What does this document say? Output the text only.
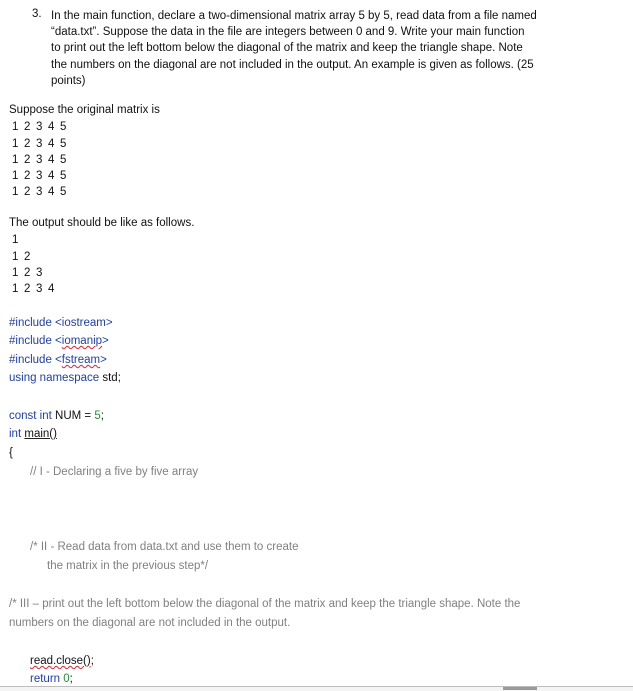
3. In the main function, declare a two-dimensional matrix array 5 by 5, read data from a file named
“data.txt”. Suppose the data in the file are integers between 0 and 9. Write your main function
to print out the left bottom below the diagonal of the matrix and keep the triangle shape. Note
the numbers on the diagonal are not included in the output. An example is given as follows. (25
points)
Suppose the original matrix is
1 2 3 4 5
1 2 3 4 5
1 2 3 4 5
1 2 3 4 5
1 2 3 4 5
The output should be like as follows.
1
1 2
1 2 3
1 2 3 4
#include <iostream>
#include <iomanip>
#include <fstream>
using namespace std;
const int NUM = 5;
int main()
{
// I - Declaring a five by five array
/* II - Read data from data.txt and use them to create
the matrix in the previous step*/
/* III – print out the left bottom below the diagonal of the matrix and keep the triangle shape. Note the
numbers on the diagonal are not included in the output.
read.close();
return 0;
